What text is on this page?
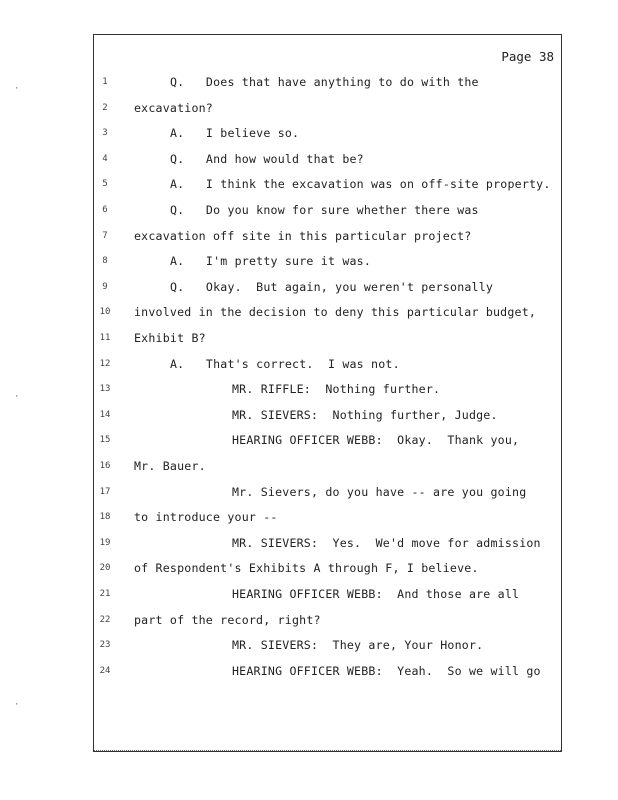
Page 38
1	Q.   Does that have anything to do with the
2	excavation?
3	A.   I believe so.
4	Q.   And how would that be?
5	A.   I think the excavation was on off-site property.
6	Q.   Do you know for sure whether there was
7	excavation off site in this particular project?
8	A.   I'm pretty sure it was.
9	Q.   Okay.  But again, you weren't personally
10	involved in the decision to deny this particular budget,
11	Exhibit B?
12	A.   That's correct.  I was not.
13	MR. RIFFLE:  Nothing further.
14	MR. SIEVERS:  Nothing further, Judge.
15	HEARING OFFICER WEBB:  Okay.  Thank you,
16	Mr. Bauer.
17	Mr. Sievers, do you have -- are you going
18	to introduce your --
19	MR. SIEVERS:  Yes.  We'd move for admission
20	of Respondent's Exhibits A through F, I believe.
21	HEARING OFFICER WEBB:  And those are all
22	part of the record, right?
23	MR. SIEVERS:  They are, Your Honor.
24	HEARING OFFICER WEBB:  Yeah.  So we will go
·
·
·
